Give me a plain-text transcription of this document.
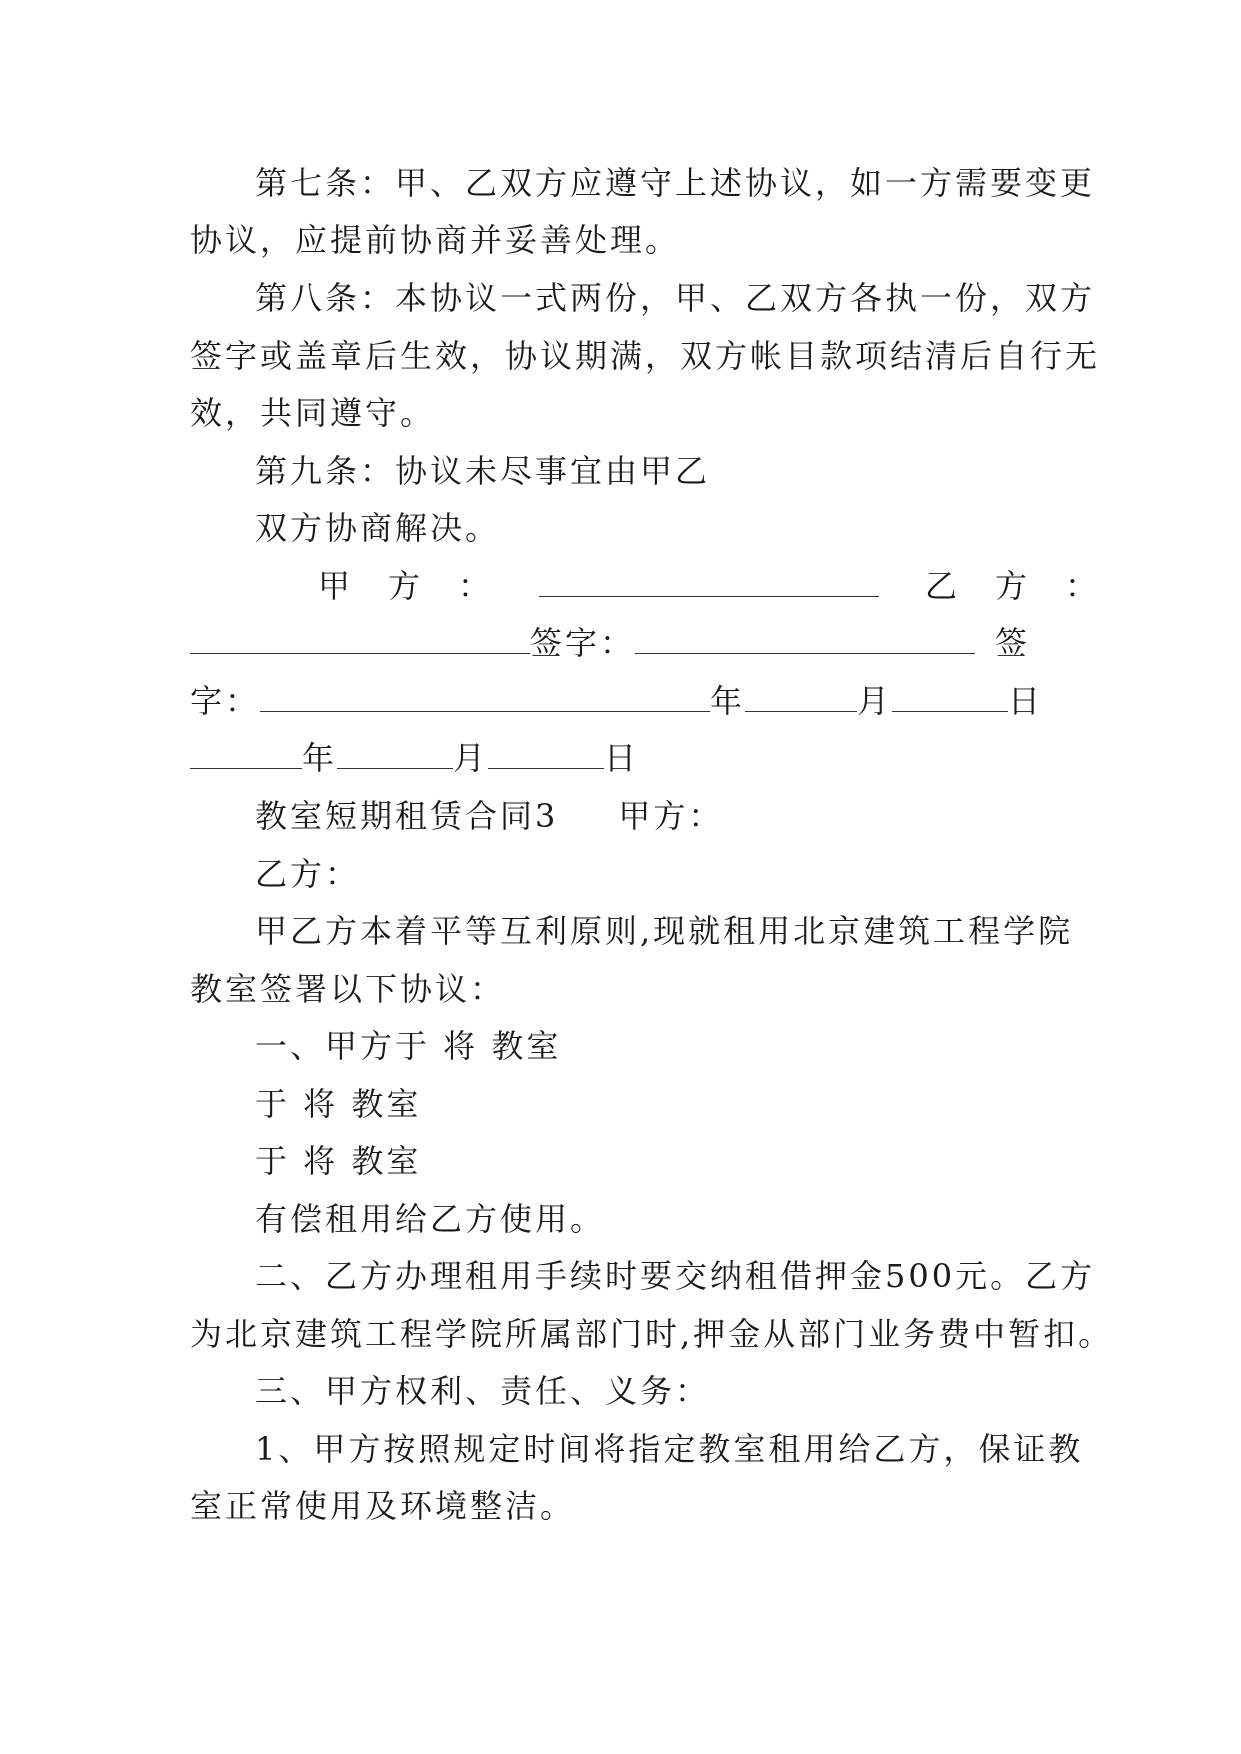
第七条：甲、乙双方应遵守上述协议，如一方需要变更
协议，应提前协商并妥善处理。
第八条：本协议一式两份，甲、乙双方各执一份，双方
签字或盖章后生效，协议期满，双方帐目款项结清后自行无
效，共同遵守。
第九条：协议未尽事宜由甲乙
双方协商解决。
甲　方　：	乙　方　：
签字：	签
字：	年	月	日
年	月	日
教室短期租赁合同3 甲方：
乙方：
甲乙方本着平等互利原则,现就租用北京建筑工程学院
教室签署以下协议：
一、甲方于 将 教室
于 将 教室
于 将 教室
有偿租用给乙方使用。
二、乙方办理租用手续时要交纳租借押金500元。乙方
为北京建筑工程学院所属部门时,押金从部门业务费中暂扣。
三、甲方权利、责任、义务：
1、甲方按照规定时间将指定教室租用给乙方，保证教
室正常使用及环境整洁。
